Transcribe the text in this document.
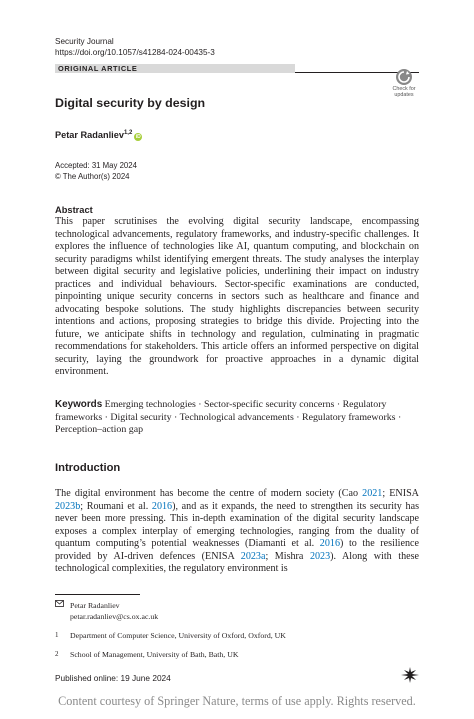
Security Journal
https://doi.org/10.1057/s41284-024-00435-3
ORIGINAL ARTICLE
Check for
updates
Digital security by design
Petar Radanliev$^{1,2}$iD
Accepted: 31 May 2024
© The Author(s) 2024
Abstract
This paper scrutinises the evolving digital security landscape, encompassing technological advancements, regulatory frameworks, and industry-specific challenges. It explores the influence of technologies like AI, quantum computing, and blockchain on security paradigms whilst identifying emergent threats. The study analyses the interplay between digital security and legislative policies, underlining their impact on industry practices and individual behaviours. Sector-specific examinations are conducted, pinpointing unique security concerns in sectors such as healthcare and finance and advocating bespoke solutions. The study highlights discrepancies between security intentions and actions, proposing strategies to bridge this divide. Projecting into the future, we anticipate shifts in technology and regulation, culminating in pragmatic recommendations for stakeholders. This article offers an informed perspective on digital security, laying the groundwork for proactive approaches in a dynamic digital environment.
Keywords Emerging technologies · Sector-specific security concerns · Regulatory frameworks · Digital security · Technological advancements · Regulatory frameworks · Perception–action gap
Introduction
The digital environment has become the centre of modern society (Cao 2021; ENISA 2023b; Roumani et al. 2016), and as it expands, the need to strengthen its security has never been more pressing. This in-depth examination of the digital security landscape exposes a complex interplay of emerging technologies, ranging from the duality of quantum computing’s potential weaknesses (Diamanti et al. 2016) to the resilience provided by AI-driven defences (ENISA 2023a; Mishra 2023). Along with these technological complexities, the regulatory environment is
Petar Radanliev
petar.radanliev@cs.ox.ac.uk
1 Department of Computer Science, University of Oxford, Oxford, UK
2 School of Management, University of Bath, Bath, UK
Published online: 19 June 2024
Content courtesy of Springer Nature, terms of use apply. Rights reserved.
